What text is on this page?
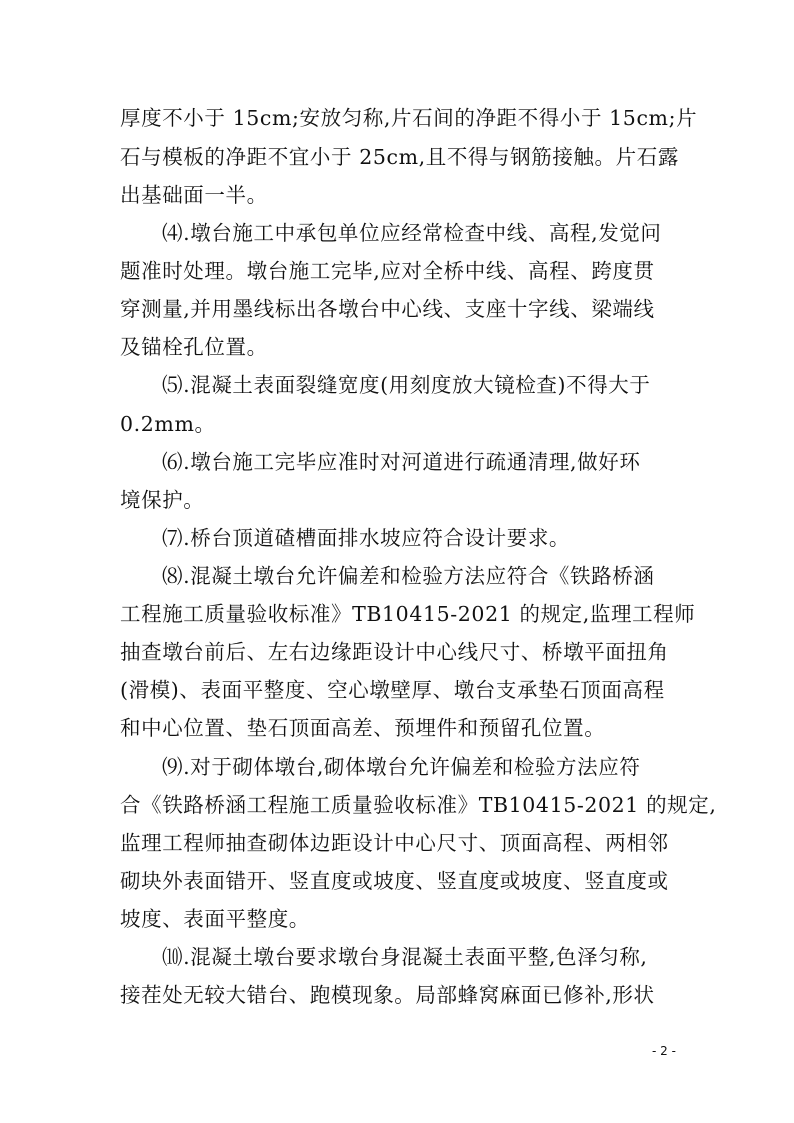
厚度不小于 15cm;安放匀称,片石间的净距不得小于 15cm;片
石与模板的净距不宜小于 25cm,且不得与钢筋接触。片石露
出基础面一半。
⑷.墩台施工中承包单位应经常检查中线、高程,发觉问
题准时处理。墩台施工完毕,应对全桥中线、高程、跨度贯
穿测量,并用墨线标出各墩台中心线、支座十字线、梁端线
及锚栓孔位置。
⑸.混凝土表面裂缝宽度(用刻度放大镜检查)不得大于
0.2mm。
⑹.墩台施工完毕应准时对河道进行疏通清理,做好环
境保护。
⑺.桥台顶道碴槽面排水坡应符合设计要求。
⑻.混凝土墩台允许偏差和检验方法应符合《铁路桥涵
工程施工质量验收标准》TB10415-2021 的规定,监理工程师
抽查墩台前后、左右边缘距设计中心线尺寸、桥墩平面扭角
(滑模)、表面平整度、空心墩壁厚、墩台支承垫石顶面高程
和中心位置、垫石顶面高差、预埋件和预留孔位置。
⑼.对于砌体墩台,砌体墩台允许偏差和检验方法应符
合《铁路桥涵工程施工质量验收标准》TB10415-2021 的规定,
监理工程师抽查砌体边距设计中心尺寸、顶面高程、两相邻
砌块外表面错开、竖直度或坡度、竖直度或坡度、竖直度或
坡度、表面平整度。
⑽.混凝土墩台要求墩台身混凝土表面平整,色泽匀称,
接茬处无较大错台、跑模现象。局部蜂窝麻面已修补,形状
- 2 -
